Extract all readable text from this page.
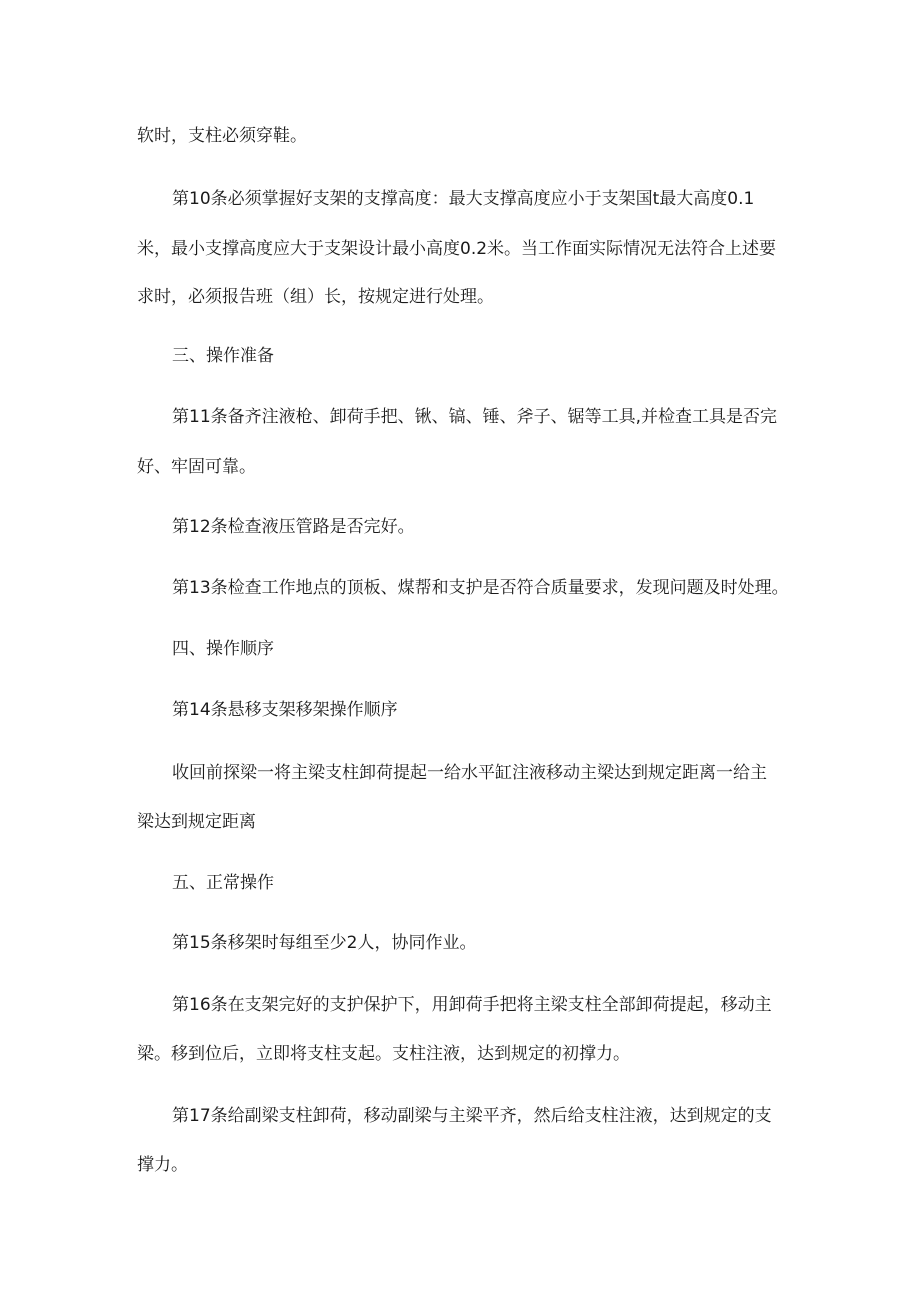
软时，支柱必须穿鞋。
第10条必须掌握好支架的支撑高度：最大支撑高度应小于支架国t最大高度0.1
米，最小支撑高度应大于支架设计最小高度0.2米。当工作面实际情况无法符合上述要
求时，必须报告班（组）长，按规定进行处理。
三、操作准备
第11条备齐注液枪、卸荷手把、锹、镐、锤、斧子、锯等工具,并检查工具是否完
好、牢固可靠。
第12条检查液压管路是否完好。
第13条检查工作地点的顶板、煤帮和支护是否符合质量要求，发现问题及时处理。
四、操作顺序
第14条悬移支架移架操作顺序
收回前探梁一将主梁支柱卸荷提起一给水平缸注液移动主梁达到规定距离一给主
梁达到规定距离
五、正常操作
第15条移架时每组至少2人，协同作业。
第16条在支架完好的支护保护下，用卸荷手把将主梁支柱全部卸荷提起，移动主
梁。移到位后，立即将支柱支起。支柱注液，达到规定的初撑力。
第17条给副梁支柱卸荷，移动副梁与主梁平齐，然后给支柱注液，达到规定的支
撑力。
